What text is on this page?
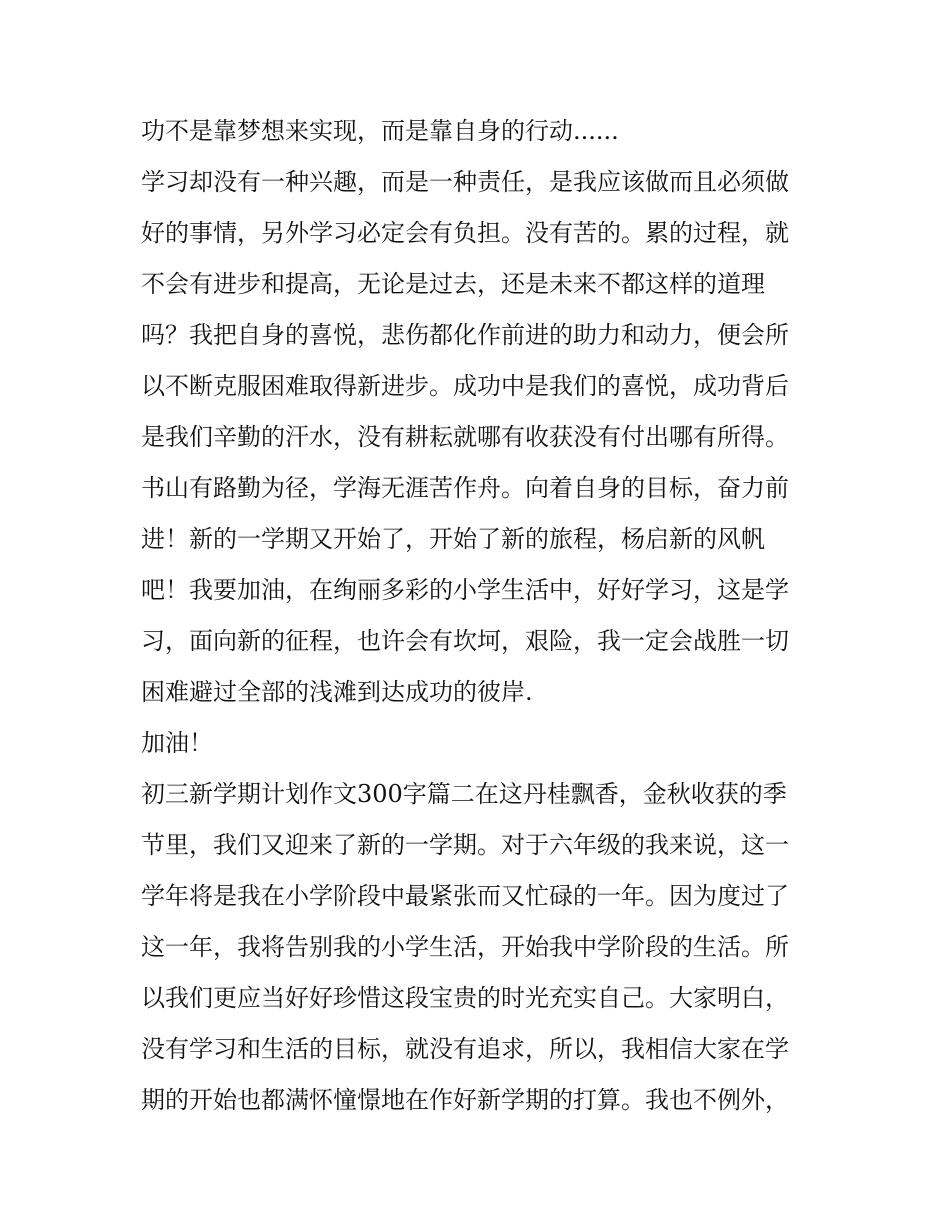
功不是靠梦想来实现，而是靠自身的行动......
学习却没有一种兴趣，而是一种责任，是我应该做而且必须做
好的事情，另外学习必定会有负担。没有苦的。累的过程，就
不会有进步和提高，无论是过去，还是未来不都这样的道理
吗？我把自身的喜悦，悲伤都化作前进的助力和动力，便会所
以不断克服困难取得新进步。成功中是我们的喜悦，成功背后
是我们辛勤的汗水，没有耕耘就哪有收获没有付出哪有所得。
书山有路勤为径，学海无涯苦作舟。向着自身的目标，奋力前
进！新的一学期又开始了，开始了新的旅程，杨启新的风帆
吧！我要加油，在绚丽多彩的小学生活中，好好学习，这是学
习，面向新的征程，也许会有坎坷，艰险，我一定会战胜一切
困难避过全部的浅滩到达成功的彼岸.
加油！
初三新学期计划作文300字篇二在这丹桂飘香，金秋收获的季
节里，我们又迎来了新的一学期。对于六年级的我来说，这一
学年将是我在小学阶段中最紧张而又忙碌的一年。因为度过了
这一年，我将告别我的小学生活，开始我中学阶段的生活。所
以我们更应当好好珍惜这段宝贵的时光充实自己。大家明白，
没有学习和生活的目标，就没有追求，所以，我相信大家在学
期的开始也都满怀憧憬地在作好新学期的打算。我也不例外，
